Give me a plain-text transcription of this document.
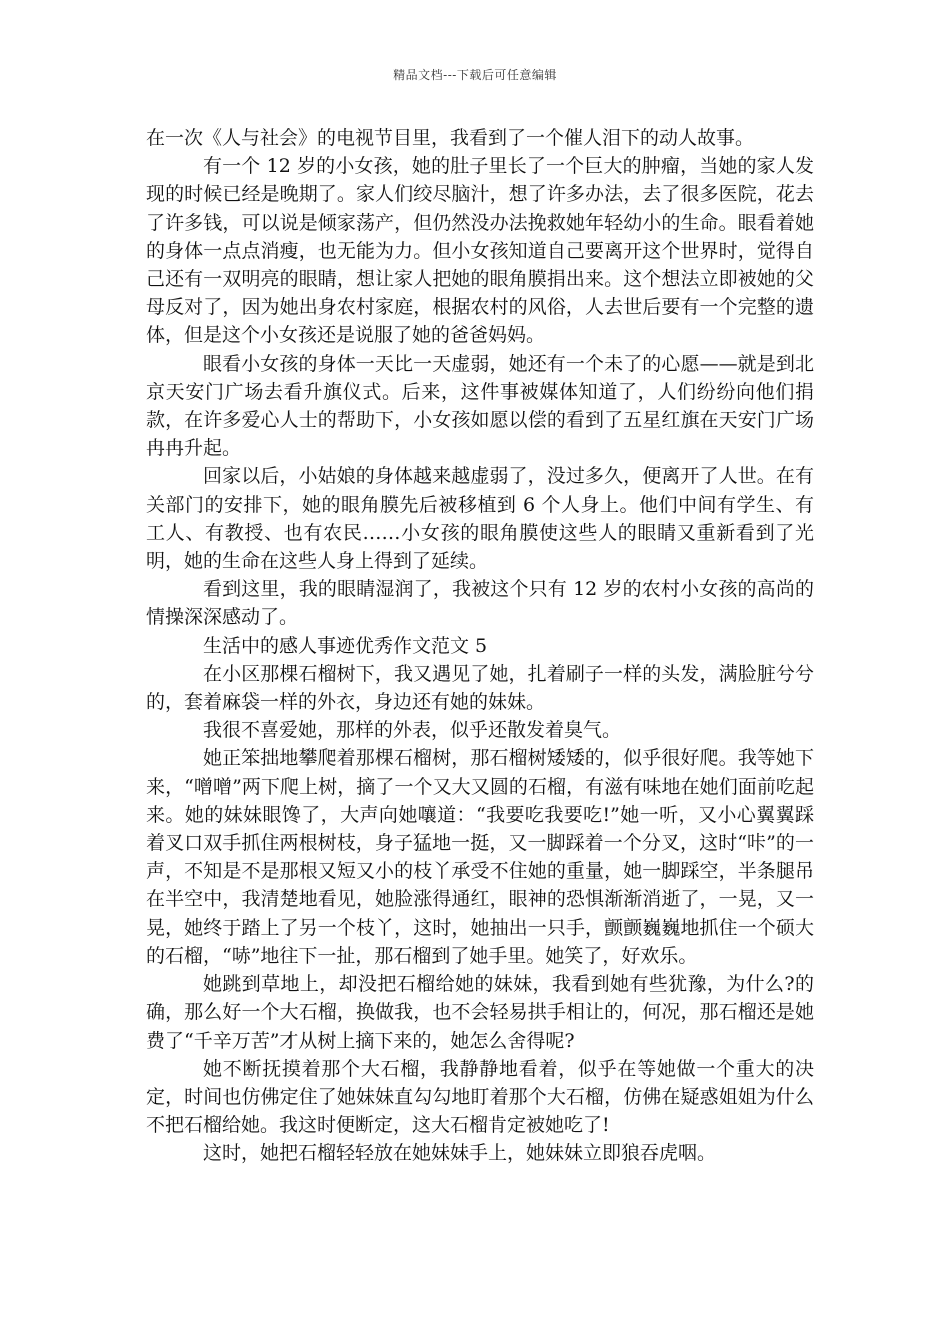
精品文档---下载后可任意编辑

在一次《人与社会》的电视节目里，我看到了一个催人泪下的动人故事。

有一个 12 岁的小女孩，她的肚子里长了一个巨大的肿瘤，当她的家人发现的时候已经是晚期了。家人们绞尽脑汁，想了许多办法，去了很多医院，花去了许多钱，可以说是倾家荡产，但仍然没办法挽救她年轻幼小的生命。眼看着她的身体一点点消瘦，也无能为力。但小女孩知道自己要离开这个世界时，觉得自己还有一双明亮的眼睛，想让家人把她的眼角膜捐出来。这个想法立即被她的父母反对了，因为她出身农村家庭，根据农村的风俗，人去世后要有一个完整的遗体，但是这个小女孩还是说服了她的爸爸妈妈。

眼看小女孩的身体一天比一天虚弱，她还有一个未了的心愿——就是到北京天安门广场去看升旗仪式。后来，这件事被媒体知道了，人们纷纷向他们捐款，在许多爱心人士的帮助下，小女孩如愿以偿的看到了五星红旗在天安门广场冉冉升起。

回家以后，小姑娘的身体越来越虚弱了，没过多久，便离开了人世。在有关部门的安排下，她的眼角膜先后被移植到 6 个人身上。他们中间有学生、有工人、有教授、也有农民……小女孩的眼角膜使这些人的眼睛又重新看到了光明，她的生命在这些人身上得到了延续。

看到这里，我的眼睛湿润了，我被这个只有 12 岁的农村小女孩的高尚的情操深深感动了。

生活中的感人事迹优秀作文范文 5

在小区那棵石榴树下，我又遇见了她，扎着刷子一样的头发，满脸脏兮兮的，套着麻袋一样的外衣，身边还有她的妹妹。

我很不喜爱她，那样的外表，似乎还散发着臭气。

她正笨拙地攀爬着那棵石榴树，那石榴树矮矮的，似乎很好爬。我等她下来，“噌噌”两下爬上树，摘了一个又大又圆的石榴，有滋有味地在她们面前吃起来。她的妹妹眼馋了，大声向她嚷道：“我要吃我要吃!”她一听，又小心翼翼踩着叉口双手抓住两根树枝，身子猛地一挺，又一脚踩着一个分叉，这时“咔”的一声，不知是不是那根又短又小的枝丫承受不住她的重量，她一脚踩空，半条腿吊在半空中，我清楚地看见，她脸涨得通红，眼神的恐惧渐渐消逝了，一晃，又一晃，她终于踏上了另一个枝丫，这时，她抽出一只手，颤颤巍巍地抓住一个硕大的石榴，“哧”地往下一扯，那石榴到了她手里。她笑了，好欢乐。

她跳到草地上，却没把石榴给她的妹妹，我看到她有些犹豫，为什么?的确，那么好一个大石榴，换做我，也不会轻易拱手相让的，何况，那石榴还是她费了“千辛万苦”才从树上摘下来的，她怎么舍得呢?

她不断抚摸着那个大石榴，我静静地看着，似乎在等她做一个重大的决定，时间也仿佛定住了她妹妹直勾勾地盯着那个大石榴，仿佛在疑惑姐姐为什么不把石榴给她。我这时便断定，这大石榴肯定被她吃了!

这时，她把石榴轻轻放在她妹妹手上，她妹妹立即狼吞虎咽。
